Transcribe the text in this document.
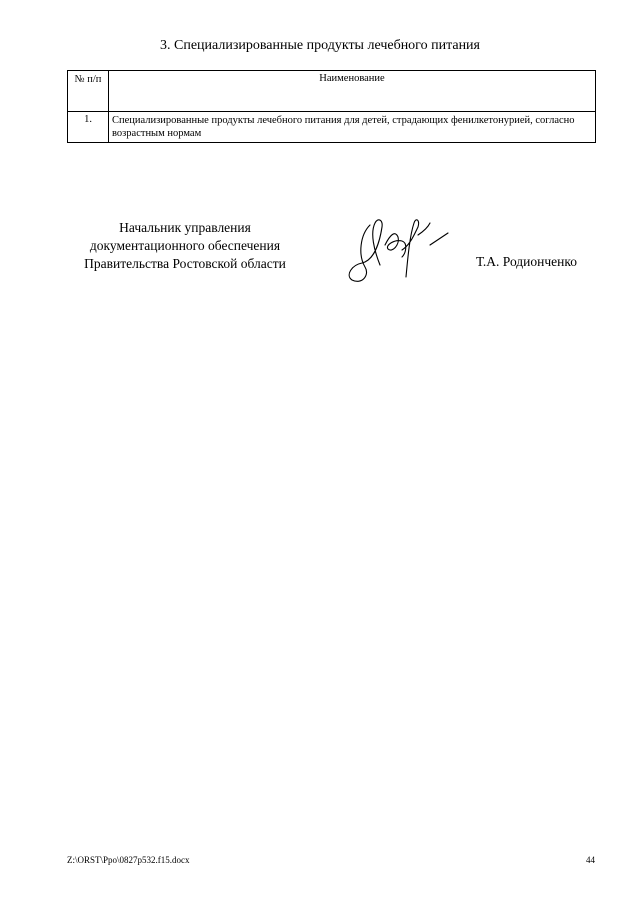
3. Специализированные продукты лечебного питания
№ п/п	Наименование
1.	Специализированные продукты лечебного питания для детей, страдающих фенилкетонурией, согласно возрастным нормам
Начальник управления
документационного обеспечения
Правительства Ростовской области	Т.А. Родионченко
Z:\ORST\Ppo\0827p532.f15.docx	44
